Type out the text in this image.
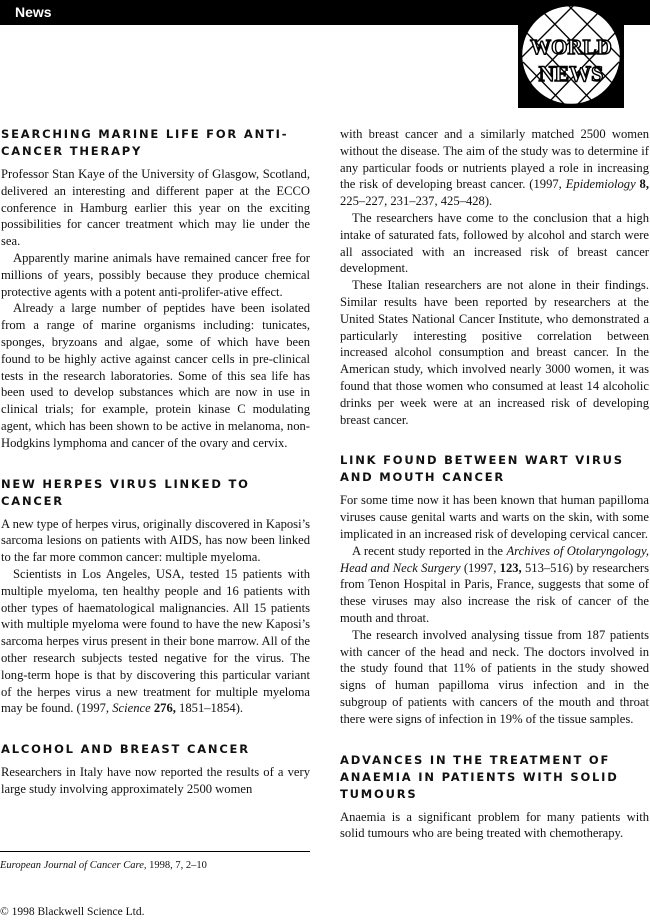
News
WORLD
NEWS
SEARCHING MARINE LIFE FOR ANTI-CANCER THERAPY

Professor Stan Kaye of the University of Glasgow, Scotland, delivered an interesting and different paper at the ECCO conference in Hamburg earlier this year on the exciting possibilities for cancer treatment which may lie under the sea.

Apparently marine animals have remained cancer free for millions of years, possibly because they produce chemical protective agents with a potent anti-prolifer-ative effect.

Already a large number of peptides have been isolated from a range of marine organisms including: tunicates, sponges, bryzoans and algae, some of which have been found to be highly active against cancer cells in pre-clinical tests in the research laboratories. Some of this sea life has been used to develop substances which are now in use in clinical trials; for example, protein kinase C modulating agent, which has been shown to be active in melanoma, non-Hodgkins lymphoma and cancer of the ovary and cervix.

NEW HERPES VIRUS LINKED TO CANCER

A new type of herpes virus, originally discovered in Kaposi’s sarcoma lesions on patients with AIDS, has now been linked to the far more common cancer: multiple myeloma.

Scientists in Los Angeles, USA, tested 15 patients with multiple myeloma, ten healthy people and 16 patients with other types of haematological malignancies. All 15 patients with multiple myeloma were found to have the new Kaposi’s sarcoma herpes virus present in their bone marrow. All of the other research subjects tested negative for the virus. The long-term hope is that by discovering this particular variant of the herpes virus a new treatment for multiple myeloma may be found. (1997, Science 276, 1851–1854).

ALCOHOL AND BREAST CANCER

Researchers in Italy have now reported the results of a very large study involving approximately 2500 women

with breast cancer and a similarly matched 2500 women without the disease. The aim of the study was to determine if any particular foods or nutrients played a role in increasing the risk of developing breast cancer. (1997, Epidemiology 8, 225–227, 231–237, 425–428).

The researchers have come to the conclusion that a high intake of saturated fats, followed by alcohol and starch were all associated with an increased risk of breast cancer development.

These Italian researchers are not alone in their findings. Similar results have been reported by researchers at the United States National Cancer Institute, who demonstrated a particularly interesting positive correlation between increased alcohol consumption and breast cancer. In the American study, which involved nearly 3000 women, it was found that those women who consumed at least 14 alcoholic drinks per week were at an increased risk of developing breast cancer.

LINK FOUND BETWEEN WART VIRUS AND MOUTH CANCER

For some time now it has been known that human papilloma viruses cause genital warts and warts on the skin, with some implicated in an increased risk of developing cervical cancer.

A recent study reported in the Archives of Otolaryngology, Head and Neck Surgery (1997, 123, 513–516) by researchers from Tenon Hospital in Paris, France, suggests that some of these viruses may also increase the risk of cancer of the mouth and throat.

The research involved analysing tissue from 187 patients with cancer of the head and neck. The doctors involved in the study found that 11% of patients in the study showed signs of human papilloma virus infection and in the subgroup of patients with cancers of the mouth and throat there were signs of infection in 19% of the tissue samples.

ADVANCES IN THE TREATMENT OF ANAEMIA IN PATIENTS WITH SOLID TUMOURS

Anaemia is a significant problem for many patients with solid tumours who are being treated with chemotherapy.

European Journal of Cancer Care, 1998, 7, 2–10
© 1998 Blackwell Science Ltd.
